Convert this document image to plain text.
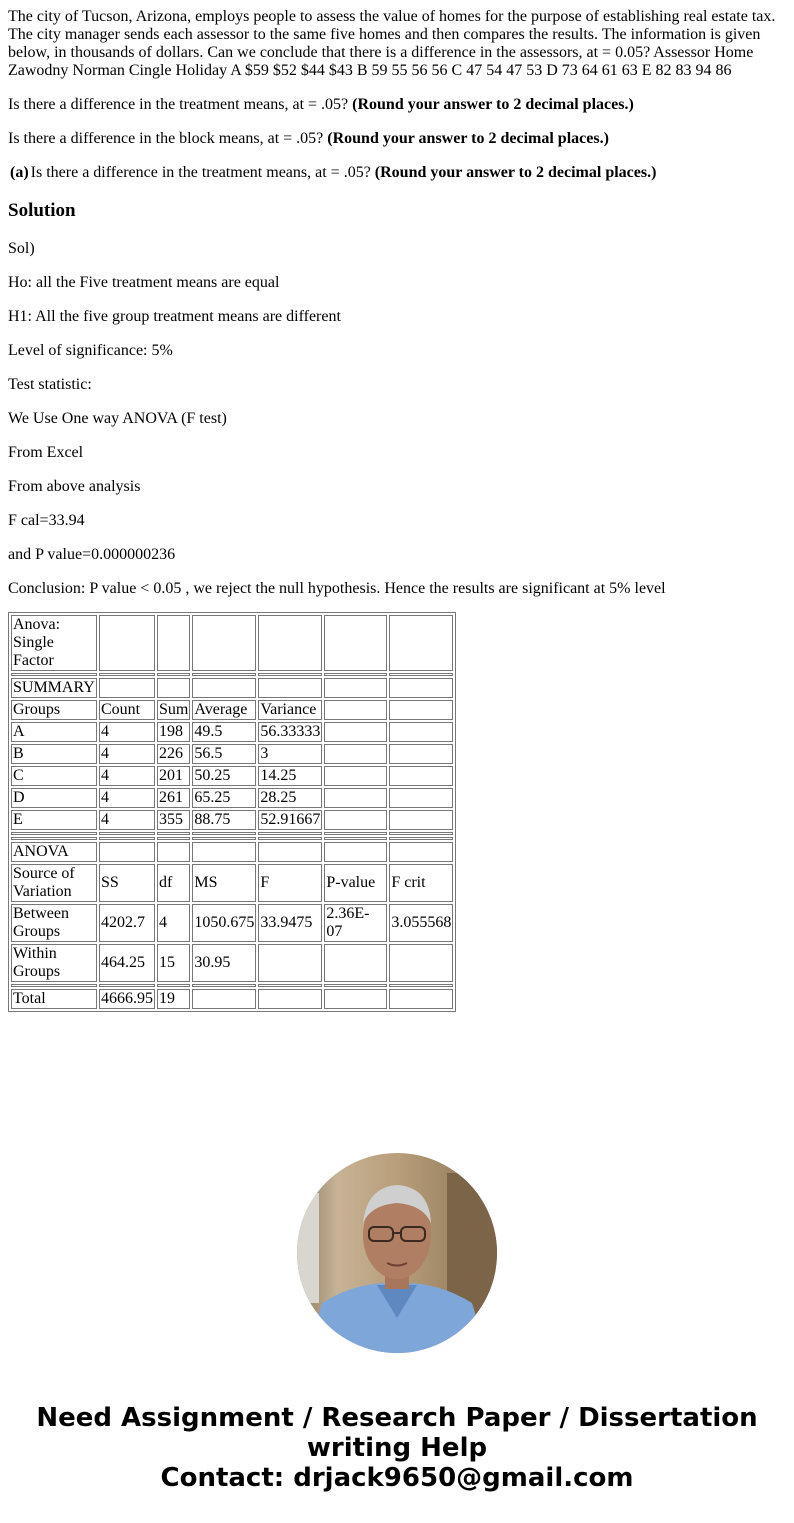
The city of Tucson, Arizona, employs people to assess the value of homes for the purpose of establishing real estate tax. The city manager sends each assessor to the same five homes and then compares the results. The information is given below, in thousands of dollars. Can we conclude that there is a difference in the assessors, at = 0.05? Assessor Home Zawodny Norman Cingle Holiday A $59 $52 $44 $43 B 59 55 56 56 C 47 54 47 53 D 73 64 61 63 E 82 83 94 86

Is there a difference in the treatment means, at = .05? (Round your answer to 2 decimal places.)

Is there a difference in the block means, at = .05? (Round your answer to 2 decimal places.)

(a) Is there a difference in the treatment means, at = .05? (Round your answer to 2 decimal places.)
Solution

Sol)

Ho: all the Five treatment means are equal

H1: All the five group treatment means are different

Level of significance: 5%

Test statistic:

We Use One way ANOVA (F test)

From Excel

From above analysis

F cal=33.94

and P value=0.000000236

Conclusion: P value < 0.05 , we reject the null hypothesis. Hence the results are significant at 5% level

Anova: Single Factor						

SUMMARY						
Groups	Count	Sum	Average	Variance		
A	4	198	49.5	56.33333		
B	4	226	56.5	3		
C	4	201	50.25	14.25		
D	4	261	65.25	28.25		
E	4	355	88.75	52.91667		

ANOVA						
Source of Variation	SS	df	MS	F	P-value	F crit
Between Groups	4202.7	4	1050.675	33.9475	2.36E-07	3.055568
Within Groups	464.25	15	30.95			

Total	4666.95	19				
Need Assignment / Research Paper / Dissertation
writing Help
Contact: drjack9650@gmail.com
